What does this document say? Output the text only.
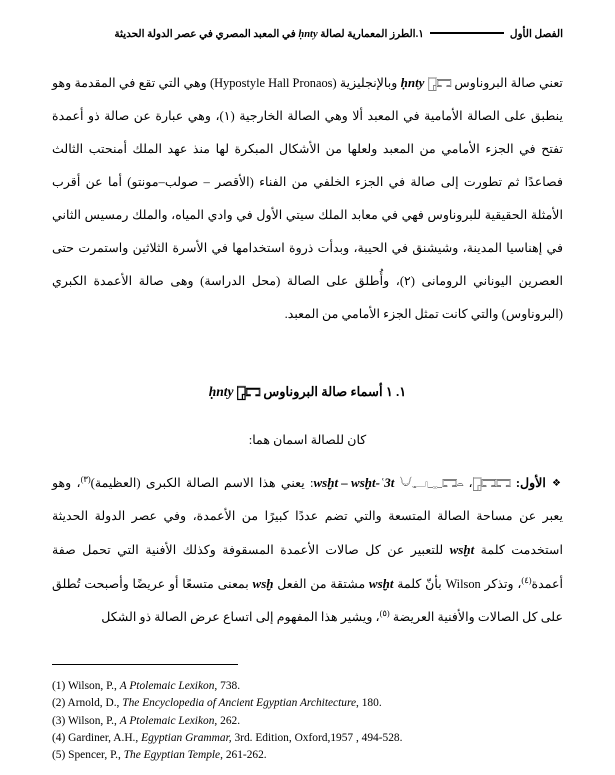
الفصل الأول
١.الطرز المعمارية لصالة ḥnty في المعبد المصري في عصر الدولة الحديثة

تعني صالة البروناوس 𓉗𓉐 ḥnty وبالإنجليزية (Hypostyle Hall Pronaos) وهي التي تقع في المقدمة وهو ينطبق على الصالة الأمامية في المعبد ألا وهي الصالة الخارجية (١)، وهي عبارة عن صالة ذو أعمدة تفتح في الجزء الأمامي من المعبد ولعلها من الأشكال المبكرة لها منذ عهد الملك أمنحتب الثالث فصاعدًا ثم تطورت إلى صالة في الجزء الخلفي من الفناء (الأقصر – صولب–مونتو) أما عن أقرب الأمثلة الحقيقية للبروناوس فهي في معابد الملك سيتي الأول في وادي المياه، والملك رمسيس الثاني في إهناسيا المدينة، وشيشنق في الحيبة، وبدأت ذروة استخدامها في الأسرة الثلاثين واستمرت حتى العصرين اليوناني الرومانى (٢)، وأُطلق على الصالة (محل الدراسة) وهى صالة الأعمدة الكبري (البروناوس) والتي كانت تمثل الجزء الأمامي من المعبد.

١. ١ أسماء صالة البروناوس 𓉗𓉐 ḥnty
كان للصالة اسمان هما:

❖الأول: 𓉗𓉐𓉐، 𓄋𓂝𓊃𓉐𓏏 wsḫt – wsḫt-ʿ3t: يعني هذا الاسم الصالة الكبرى (العظيمة)$^{(٣)}$، وهو يعبر عن مساحة الصالة المتسعة والتي تضم عددًا كبيرًا من الأعمدة، وفي عصر الدولة الحديثة استخدمت كلمة wsḫt للتعبير عن كل صالات الأعمدة المسقوفة وكذلك الأفنية التي تحمل صفة أعمدة$^{(٤)}$، وتذكر Wilson بأنّ كلمة wsḫt مشتقة من الفعل wsḫ بمعنى متسعًا أو عريضًا وأصبحت تُطلق على كل الصالات والأفنية العريضة $^{(٥)}$، ويشير هذا المفهوم إلى اتساع عرض الصالة ذو الشكل

(1) Wilson, P., A Ptolemaic Lexikon, 738.
(2) Arnold, D., The Encyclopedia of Ancient Egyptian Architecture, 180.
(3) Wilson, P., A Ptolemaic Lexikon, 262.
(4) Gardiner, A.H., Egyptian Grammar, 3rd. Edition, Oxford,1957 , 494-528.
(5) Spencer, P., The Egyptian Temple, 261-262.
